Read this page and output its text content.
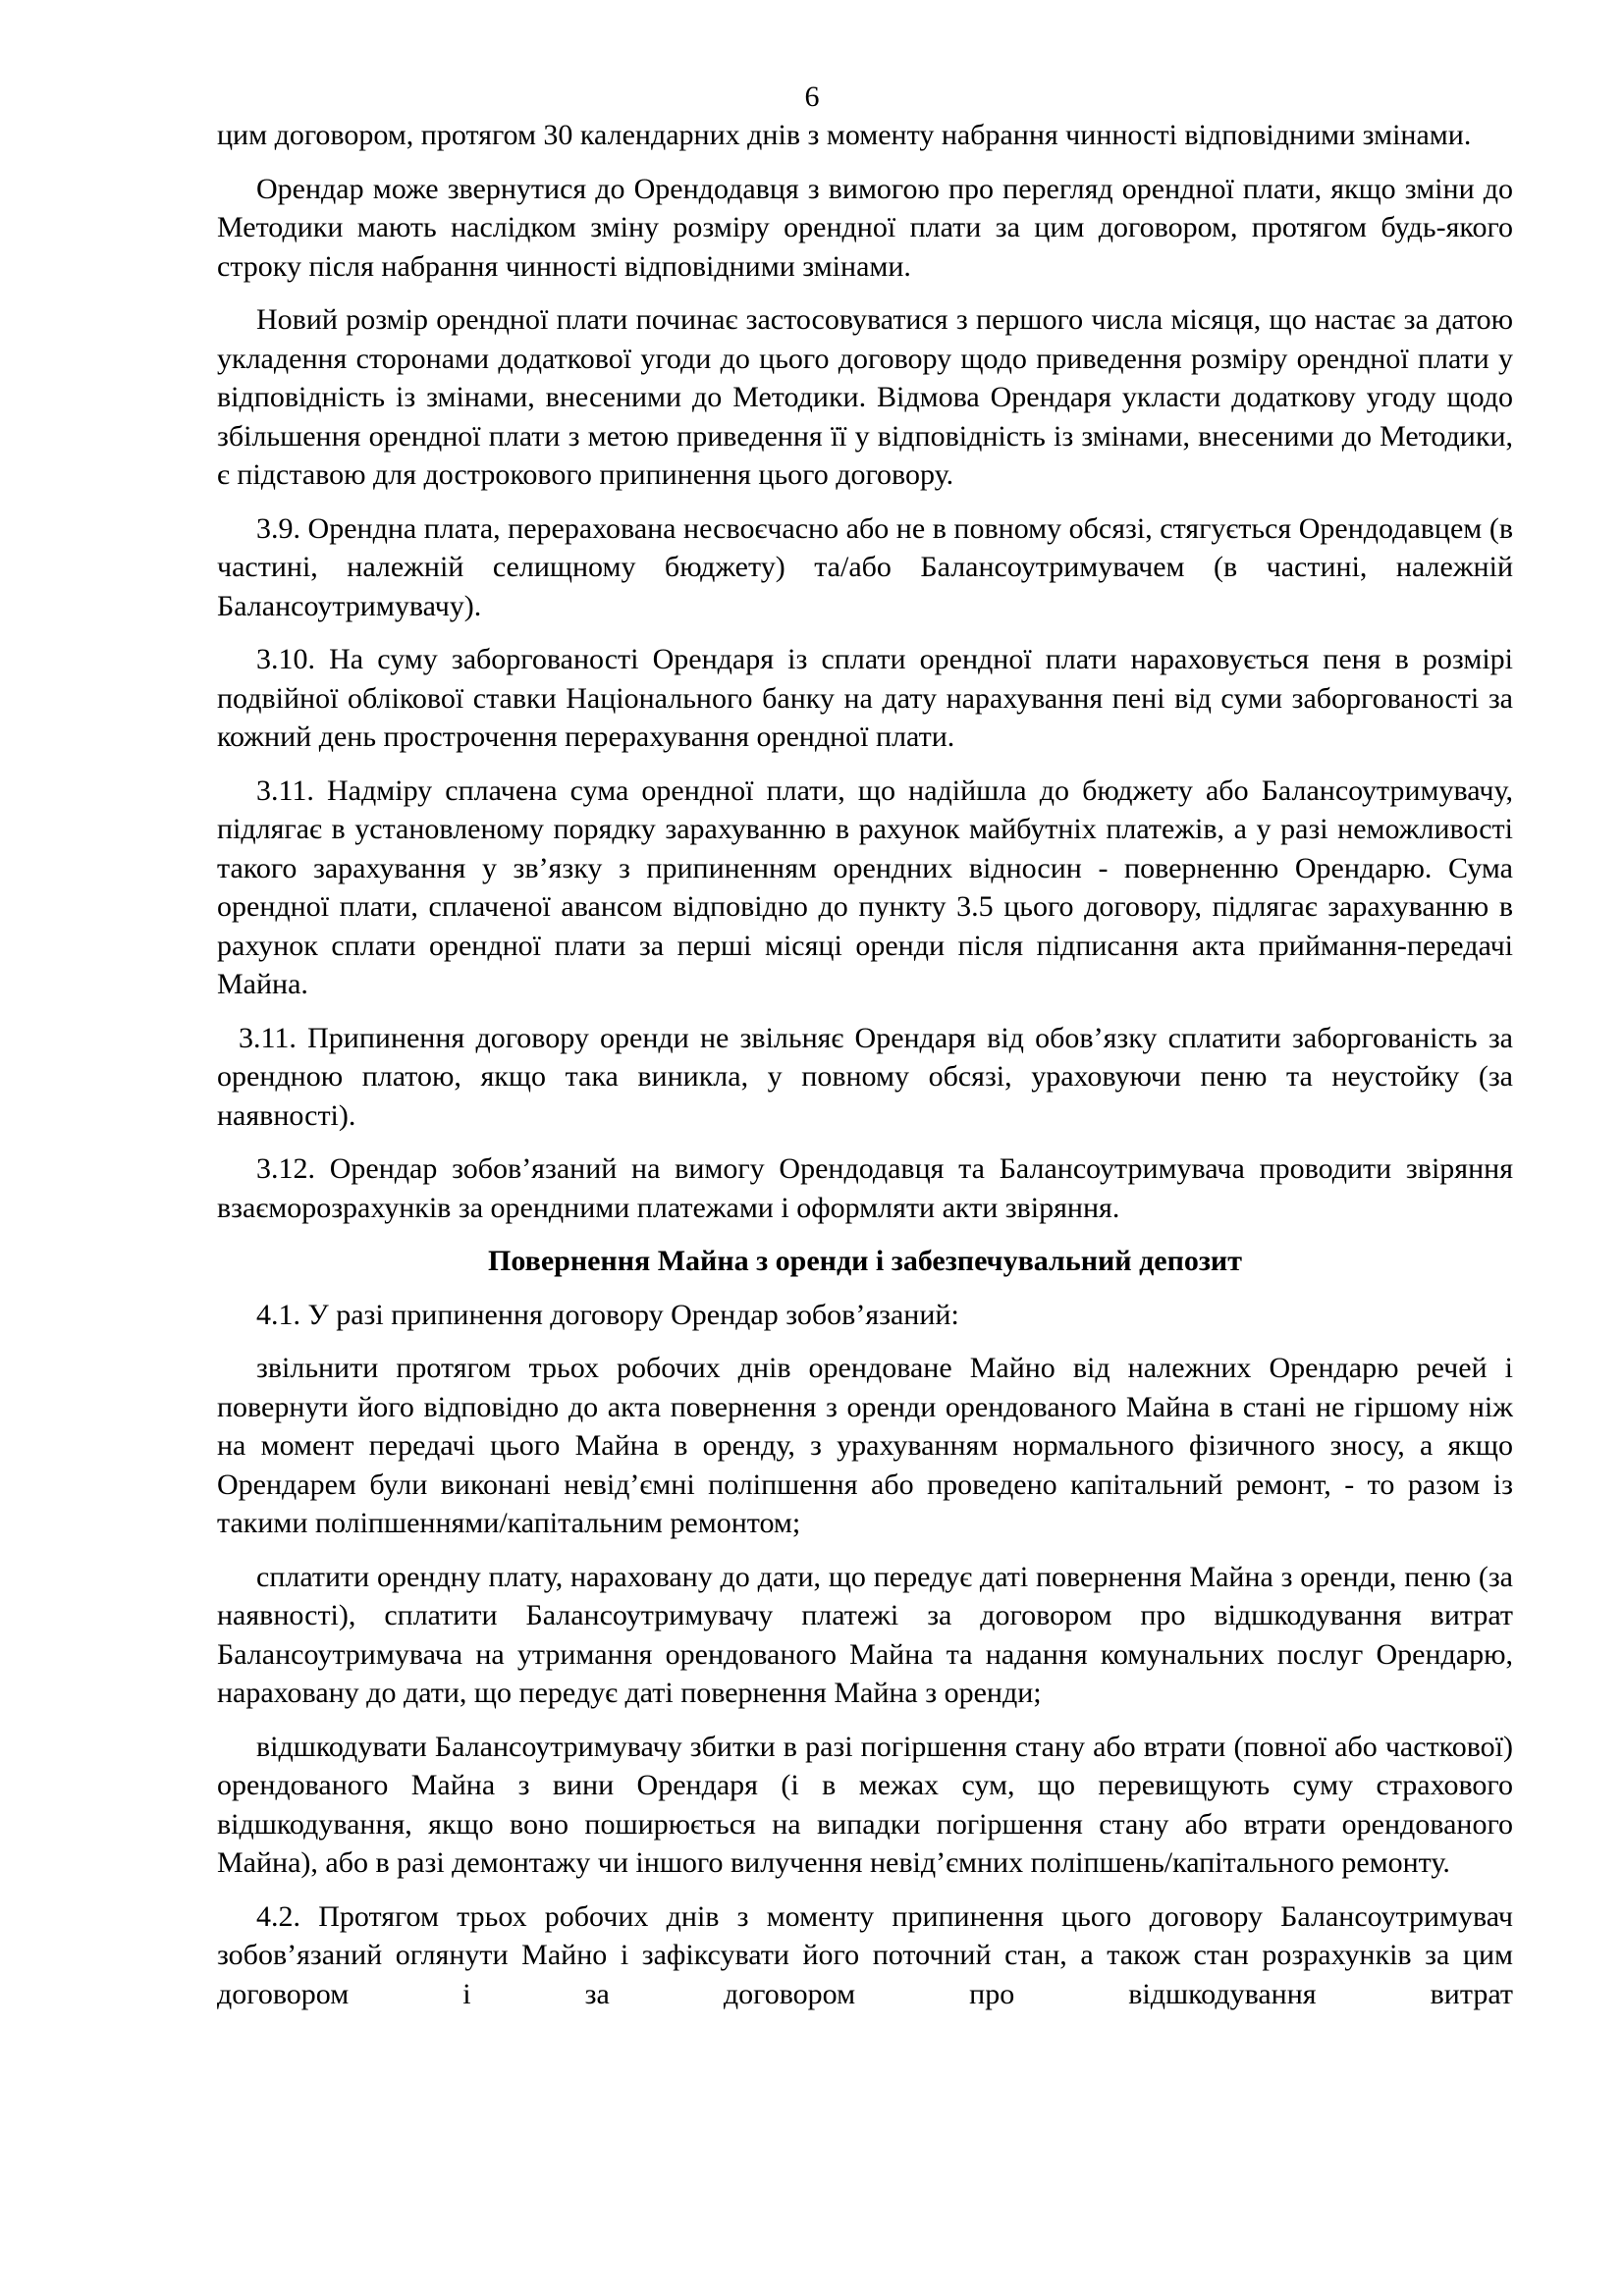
6

цим договором, протягом 30 календарних днів з моменту набрання чинності відповідними змінами.

Орендар може звернутися до Орендодавця з вимогою про перегляд орендної плати, якщо зміни до Методики мають наслідком зміну розміру орендної плати за цим договором, протягом будь-якого строку після набрання чинності відповідними змінами.

Новий розмір орендної плати починає застосовуватися з першого числа місяця, що настає за датою укладення сторонами додаткової угоди до цього договору щодо приведення розміру орендної плати у відповідність із змінами, внесеними до Методики. Відмова Орендаря укласти додаткову угоду щодо збільшення орендної плати з метою приведення її у відповідність із змінами, внесеними до Методики, є підставою для дострокового припинення цього договору.

3.9. Орендна плата, перерахована несвоєчасно або не в повному обсязі, стягується Орендодавцем (в частині, належній селищному бюджету) та/або Балансоутримувачем (в частині, належній Балансоутримувачу).

3.10. На суму заборгованості Орендаря із сплати орендної плати нараховується пеня в розмірі подвійної облікової ставки Національного банку на дату нарахування пені від суми заборгованості за кожний день прострочення перерахування орендної плати.

3.11. Надміру сплачена сума орендної плати, що надійшла до бюджету або Балансоутримувачу, підлягає в установленому порядку зарахуванню в рахунок майбутніх платежів, а у разі неможливості такого зарахування у зв’язку з припиненням орендних відносин - поверненню Орендарю. Сума орендної плати, сплаченої авансом відповідно до пункту 3.5 цього договору, підлягає зарахуванню в рахунок сплати орендної плати за перші місяці оренди після підписання акта приймання-передачі Майна.

3.11. Припинення договору оренди не звільняє Орендаря від обов’язку сплатити заборгованість за орендною платою, якщо така виникла, у повному обсязі, ураховуючи пеню та неустойку (за наявності).

3.12. Орендар зобов’язаний на вимогу Орендодавця та Балансоутримувача проводити звіряння взаєморозрахунків за орендними платежами і оформляти акти звіряння.

Повернення Майна з оренди і забезпечувальний депозит

4.1. У разі припинення договору Орендар зобов’язаний:

звільнити протягом трьох робочих днів орендоване Майно від належних Орендарю речей і повернути його відповідно до акта повернення з оренди орендованого Майна в стані не гіршому ніж на момент передачі цього Майна в оренду, з урахуванням нормального фізичного зносу, а якщо Орендарем були виконані невід’ємні поліпшення або проведено капітальний ремонт, - то разом із такими поліпшеннями/капітальним ремонтом;

сплатити орендну плату, нараховану до дати, що передує даті повернення Майна з оренди, пеню (за наявності), сплатити Балансоутримувачу платежі за договором про відшкодування витрат Балансоутримувача на утримання орендованого Майна та надання комунальних послуг Орендарю, нараховану до дати, що передує даті повернення Майна з оренди;

відшкодувати Балансоутримувачу збитки в разі погіршення стану або втрати (повної або часткової) орендованого Майна з вини Орендаря (і в межах сум, що перевищують суму страхового відшкодування, якщо воно поширюється на випадки погіршення стану або втрати орендованого Майна), або в разі демонтажу чи іншого вилучення невід’ємних поліпшень/капітального ремонту.

4.2. Протягом трьох робочих днів з моменту припинення цього договору Балансоутримувач зобов’язаний оглянути Майно і зафіксувати його поточний стан, а також стан розрахунків за цим договором і за договором про відшкодування витрат
